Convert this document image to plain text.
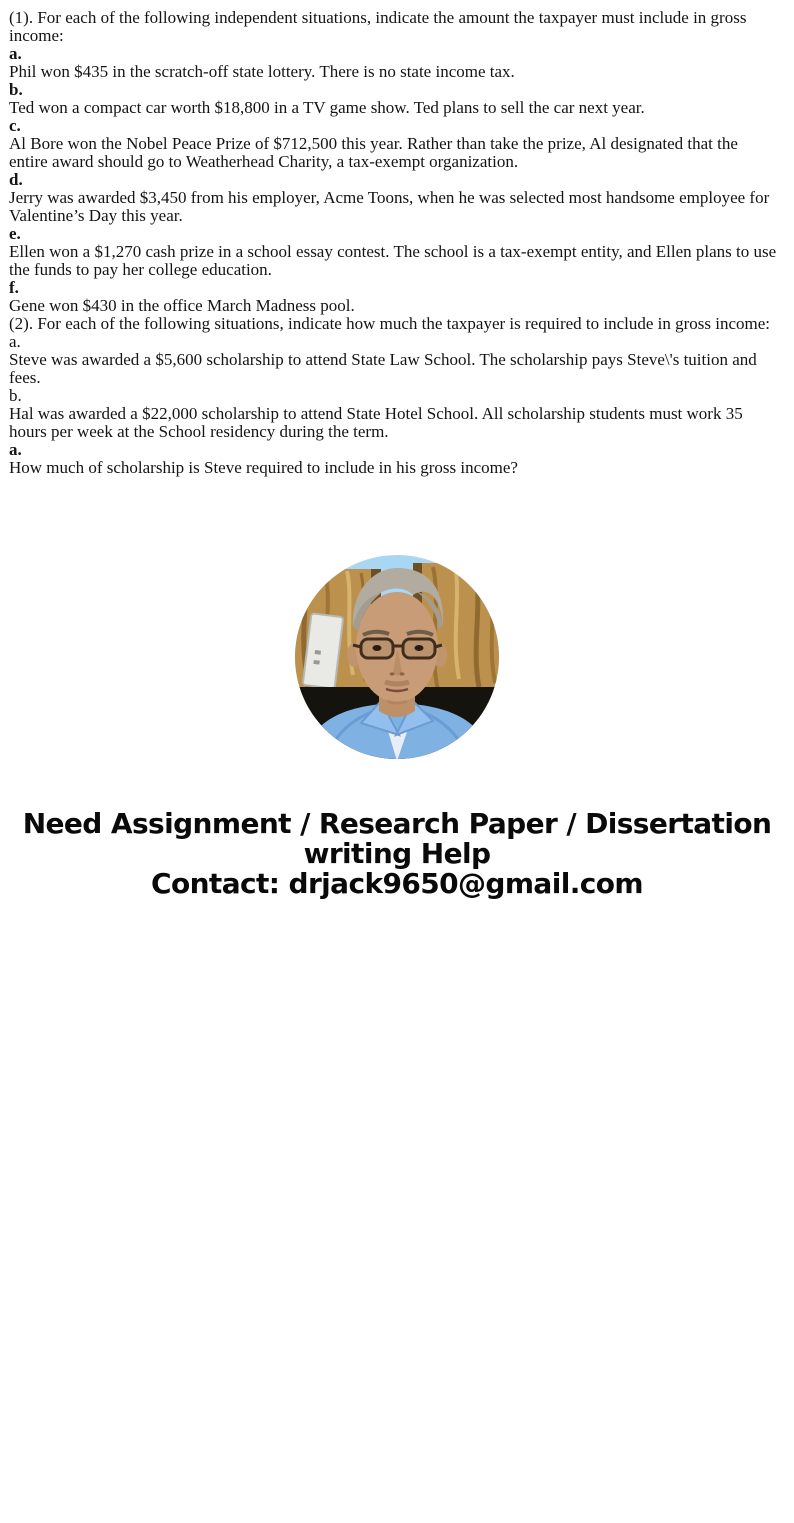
(1). For each of the following independent situations, indicate the amount the taxpayer must include in gross income:

a.

Phil won $435 in the scratch-off state lottery. There is no state income tax.

b.

Ted won a compact car worth $18,800 in a TV game show. Ted plans to sell the car next year.

c.

Al Bore won the Nobel Peace Prize of $712,500 this year. Rather than take the prize, Al designated that the entire award should go to Weatherhead Charity, a tax-exempt organization.

d.

Jerry was awarded $3,450 from his employer, Acme Toons, when he was selected most handsome employee for Valentine’s Day this year.

e.

Ellen won a $1,270 cash prize in a school essay contest. The school is a tax-exempt entity, and Ellen plans to use the funds to pay her college education.

f.

Gene won $430 in the office March Madness pool.

(2). For each of the following situations, indicate how much the taxpayer is required to include in gross income:

a.

Steve was awarded a $5,600 scholarship to attend State Law School. The scholarship pays Steve\'s tuition and fees.

b.

Hal was awarded a $22,000 scholarship to attend State Hotel School. All scholarship students must work 35 hours per week at the School residency during the term.

a.

How much of scholarship is Steve required to include in his gross income?

Need Assignment / Research Paper / Dissertation
writing Help
Contact: drjack9650@gmail.com
